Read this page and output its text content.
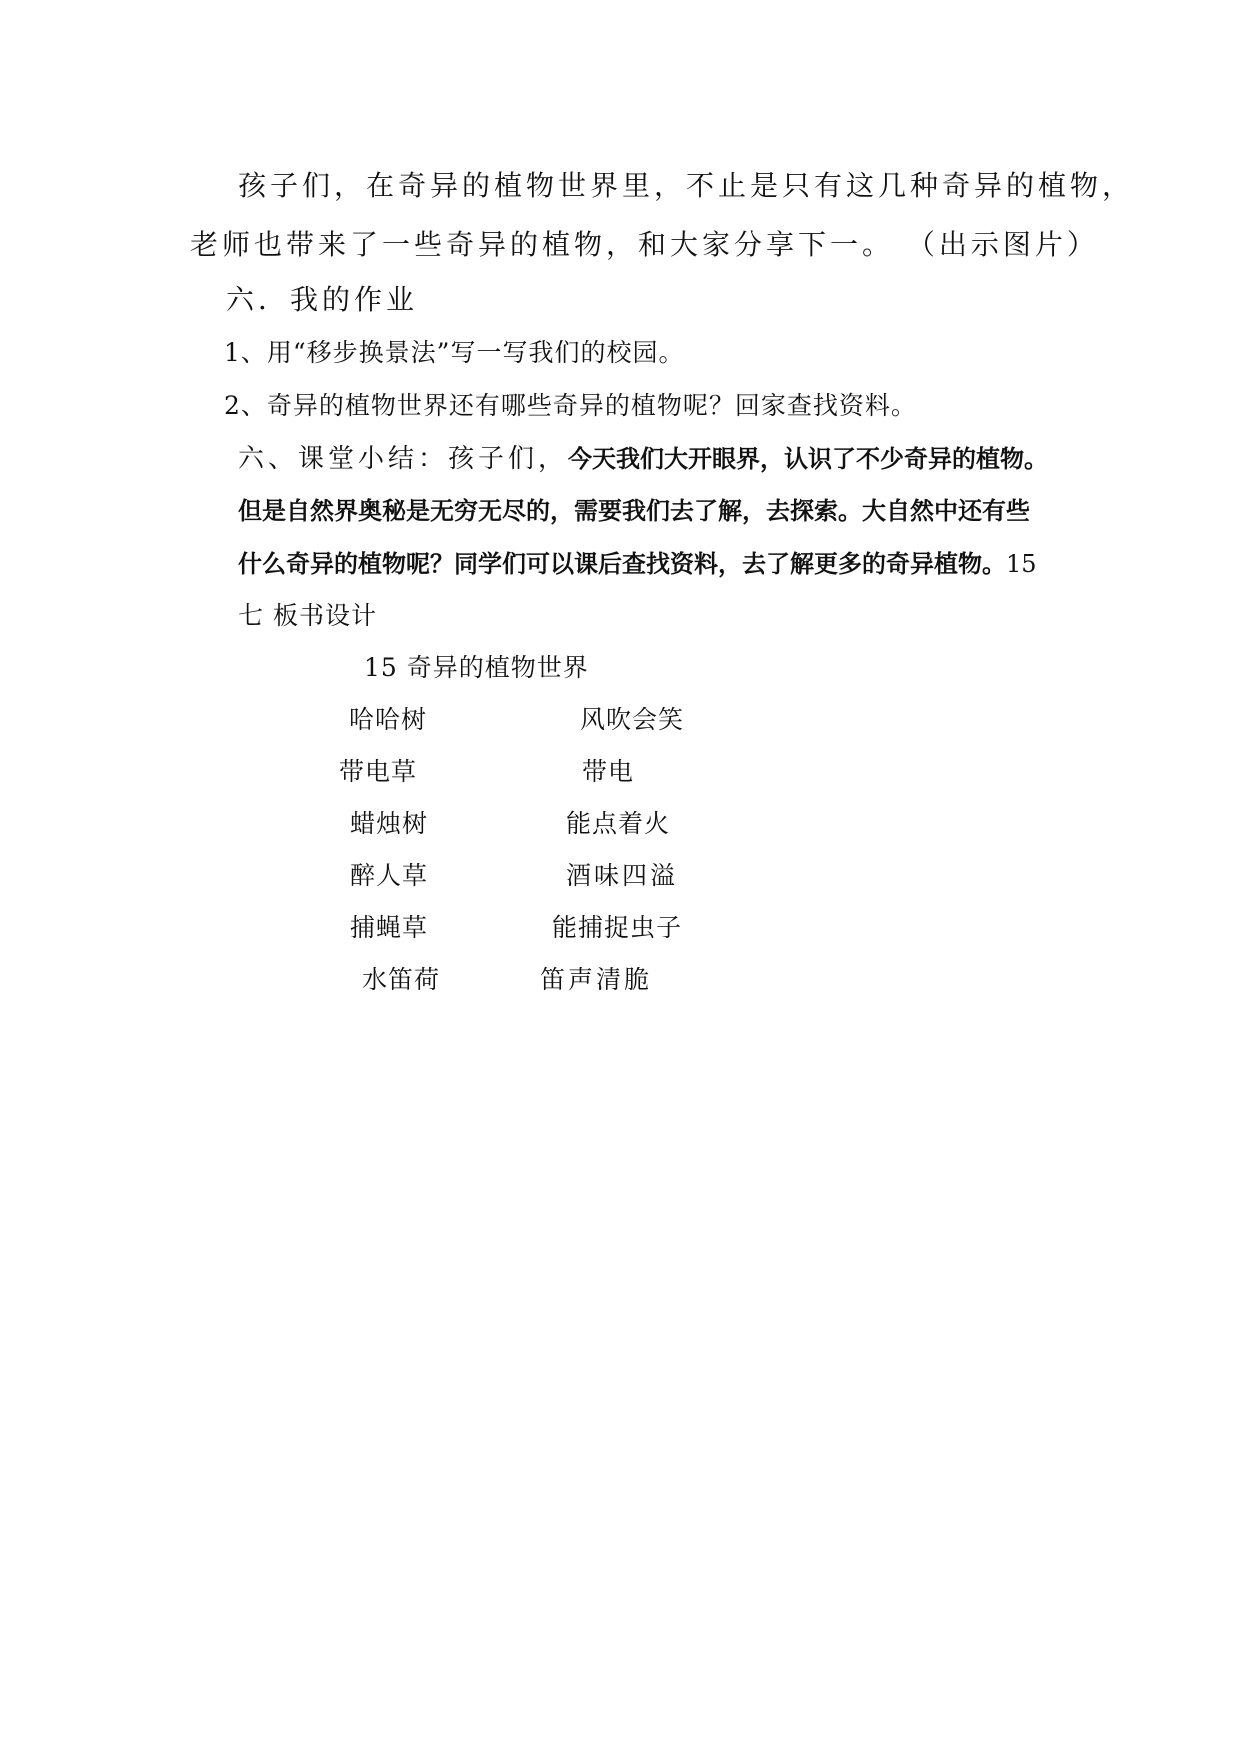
孩子们，在奇异的植物世界里，不止是只有这几种奇异的植物，
老师也带来了一些奇异的植物，和大家分享下一。 （出示图片）
六．我的作业
1、用“移步换景法”写一写我们的校园。
2、奇异的植物世界还有哪些奇异的植物呢？回家查找资料。
六、课堂小结：孩子们，今天我们大开眼界，认识了不少奇异的植物。
但是自然界奥秘是无穷无尽的，需要我们去了解，去探索。大自然中还有些
什么奇异的植物呢？同学们可以课后查找资料，去了解更多的奇异植物。15
七 板书设计
15 奇异的植物世界
哈哈树	风吹会笑
带电草	带电
蜡烛树	能点着火
醉人草	酒味四溢
捕蝇草	能捕捉虫子
水笛荷	笛声清脆
